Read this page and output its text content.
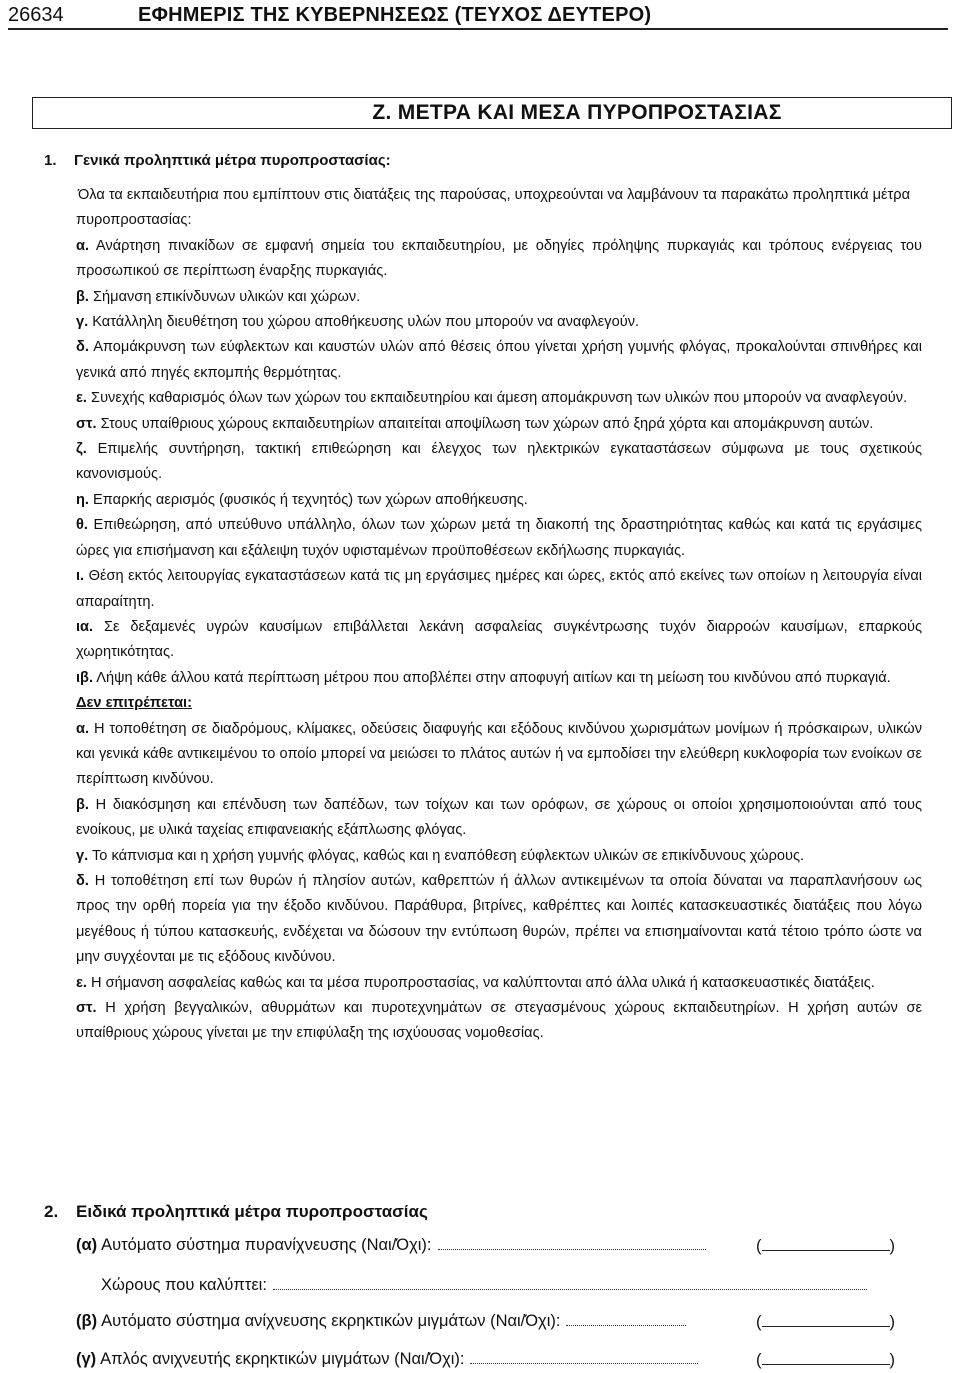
26634	ΕΦΗΜΕΡΙΣ ΤΗΣ ΚΥΒΕΡΝΗΣΕΩΣ (ΤΕΥΧΟΣ ΔΕΥΤΕΡΟ)
Ζ. ΜΕΤΡΑ ΚΑΙ ΜΕΣΑ ΠΥΡΟΠΡΟΣΤΑΣΙΑΣ
1. Γενικά προληπτικά μέτρα πυροπροστασίας:

Όλα τα εκπαιδευτήρια που εμπίπτουν στις διατάξεις της παρούσας, υποχρεούνται να λαμβάνουν τα παρακάτω προληπτικά μέτρα πυροπροστασίας:

α. Ανάρτηση πινακίδων σε εμφανή σημεία του εκπαιδευτηρίου, με οδηγίες πρόληψης πυρκαγιάς και τρόπους ενέργειας του προσωπικού σε περίπτωση έναρξης πυρκαγιάς.

β. Σήμανση επικίνδυνων υλικών και χώρων.

γ. Κατάλληλη διευθέτηση του χώρου αποθήκευσης υλών που μπορούν να αναφλεγούν.

δ. Απομάκρυνση των εύφλεκτων και καυστών υλών από θέσεις όπου γίνεται χρήση γυμνής φλόγας, προκαλούνται σπινθήρες και γενικά από πηγές εκπομπής θερμότητας.

ε. Συνεχής καθαρισμός όλων των χώρων του εκπαιδευτηρίου και άμεση απομάκρυνση των υλικών που μπορούν να αναφλεγούν.

στ. Στους υπαίθριους χώρους εκπαιδευτηρίων απαιτείται αποψίλωση των χώρων από ξηρά χόρτα και απομάκρυνση αυτών.

ζ. Επιμελής συντήρηση, τακτική επιθεώρηση και έλεγχος των ηλεκτρικών εγκαταστάσεων σύμφωνα με τους σχετικούς κανονισμούς.

η. Επαρκής αερισμός (φυσικός ή τεχνητός) των χώρων αποθήκευσης.

θ. Επιθεώρηση, από υπεύθυνο υπάλληλο, όλων των χώρων μετά τη διακοπή της δραστηριότητας καθώς και κατά τις εργάσιμες ώρες για επισήμανση και εξάλειψη τυχόν υφισταμένων προϋποθέσεων εκδήλωσης πυρκαγιάς.

ι. Θέση εκτός λειτουργίας εγκαταστάσεων κατά τις μη εργάσιμες ημέρες και ώρες, εκτός από εκείνες των οποίων η λειτουργία είναι απαραίτητη.

ια. Σε δεξαμενές υγρών καυσίμων επιβάλλεται λεκάνη ασφαλείας συγκέντρωσης τυχόν διαρροών καυσίμων, επαρκούς χωρητικότητας.

ιβ. Λήψη κάθε άλλου κατά περίπτωση μέτρου που αποβλέπει στην αποφυγή αιτίων και τη μείωση του κινδύνου από πυρκαγιά.

Δεν επιτρέπεται:

α. Η τοποθέτηση σε διαδρόμους, κλίμακες, οδεύσεις διαφυγής και εξόδους κινδύνου χωρισμάτων μονίμων ή πρόσκαιρων, υλικών και γενικά κάθε αντικειμένου το οποίο μπορεί να μειώσει το πλάτος αυτών ή να εμποδίσει την ελεύθερη κυκλοφορία των ενοίκων σε περίπτωση κινδύνου.

β. Η διακόσμηση και επένδυση των δαπέδων, των τοίχων και των ορόφων, σε χώρους οι οποίοι χρησιμοποιούνται από τους ενοίκους, με υλικά ταχείας επιφανειακής εξάπλωσης φλόγας.

γ. Το κάπνισμα και η χρήση γυμνής φλόγας, καθώς και η εναπόθεση εύφλεκτων υλικών σε επικίνδυνους χώρους.

δ. Η τοποθέτηση επί των θυρών ή πλησίον αυτών, καθρεπτών ή άλλων αντικειμένων τα οποία δύναται να παραπλανήσουν ως προς την ορθή πορεία για την έξοδο κινδύνου. Παράθυρα, βιτρίνες, καθρέπτες και λοιπές κατασκευαστικές διατάξεις που λόγω μεγέθους ή τύπου κατασκευής, ενδέχεται να δώσουν την εντύπωση θυρών, πρέπει να επισημαίνονται κατά τέτοιο τρόπο ώστε να μην συγχέονται με τις εξόδους κινδύνου.

ε. Η σήμανση ασφαλείας καθώς και τα μέσα πυροπροστασίας, να καλύπτονται από άλλα υλικά ή κατασκευαστικές διατάξεις.

στ. Η χρήση βεγγαλικών, αθυρμάτων και πυροτεχνημάτων σε στεγασμένους χώρους εκπαιδευτηρίων. Η χρήση αυτών σε υπαίθριους χώρους γίνεται με την επιφύλαξη της ισχύουσας νομοθεσίας.

2. Ειδικά προληπτικά μέτρα πυροπροστασίας
(α) Αυτόματο σύστημα πυρανίχνευσης (Ναι/Όχι):	(	)
Χώρους που καλύπτει:
(β) Αυτόματο σύστημα ανίχνευσης εκρηκτικών μιγμάτων (Ναι/Όχι):	(	)
(γ) Απλός ανιχνευτής εκρηκτικών μιγμάτων (Ναι/Όχι):	(	)
